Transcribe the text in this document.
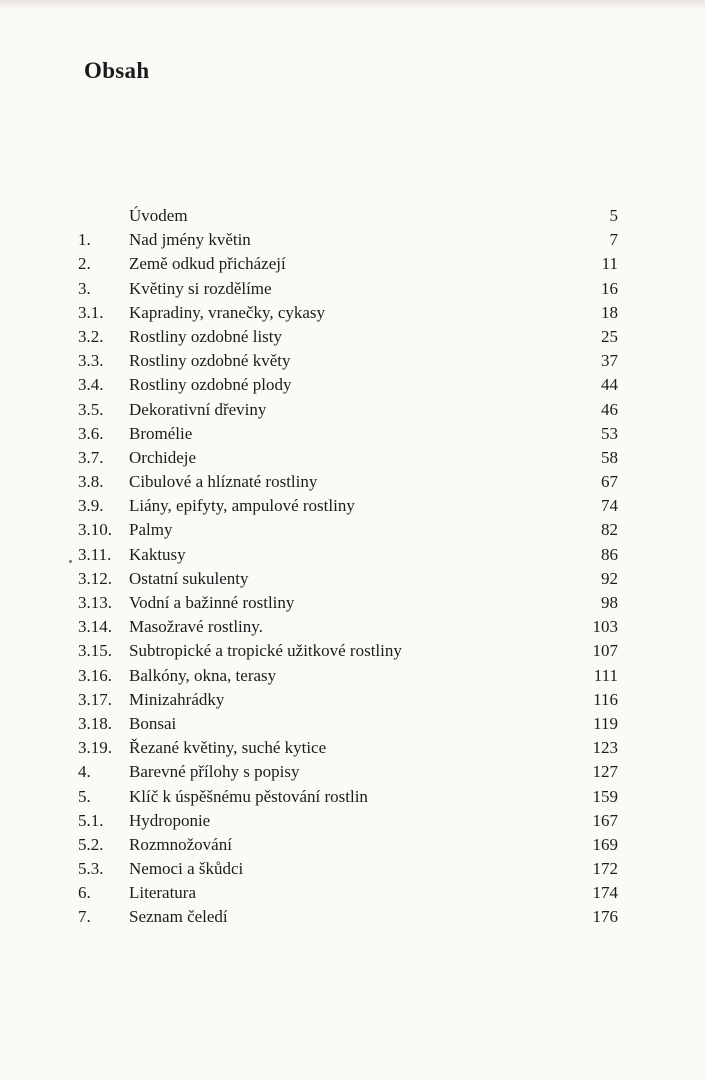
Obsah
Úvodem	5
1. Nad jmény květin	7
2. Země odkud přicházejí	11
3. Květiny si rozdělíme	16
3.1. Kapradiny, vranečky, cykasy	18
3.2. Rostliny ozdobné listy	25
3.3. Rostliny ozdobné květy	37
3.4. Rostliny ozdobné plody	44
3.5. Dekorativní dřeviny	46
3.6. Bromélie	53
3.7. Orchideje	58
3.8. Cibulové a hlíznaté rostliny	67
3.9. Liány, epifyty, ampulové rostliny	74
3.10. Palmy	82
3.11. Kaktusy	86
3.12. Ostatní sukulenty	92
3.13. Vodní a bažinné rostliny	98
3.14. Masožravé rostliny.	103
3.15. Subtropické a tropické užitkové rostliny	107
3.16. Balkóny, okna, terasy	111
3.17. Minizahrádky	116
3.18. Bonsai	119
3.19. Řezané květiny, suché kytice	123
4. Barevné přílohy s popisy	127
5. Klíč k úspěšnému pěstování rostlin	159
5.1. Hydroponie	167
5.2. Rozmnožování	169
5.3. Nemoci a škůdci	172
6. Literatura	174
7. Seznam čeledí	176
